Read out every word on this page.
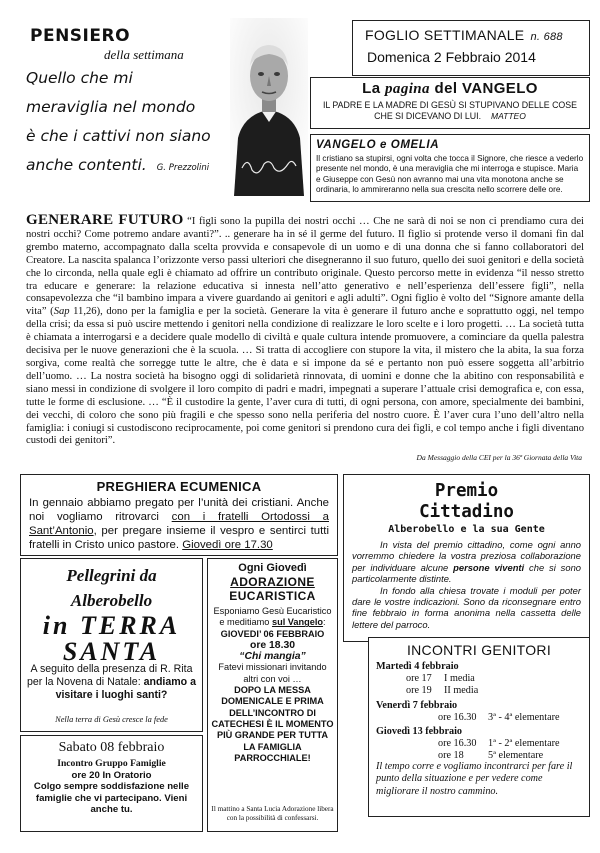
PENSIERO
della settimana
Quello che mi
meraviglia nel mondo
è che i cattivi non siano
anche contenti. G. Prezzolini
FOGLIO SETTIMANALE n. 688
Domenica 2 Febbraio 2014
La pagina del VANGELO
IL PADRE E LA MADRE DI GESÙ SI STUPIVANO DELLE COSE CHE SI DICEVANO DI LUI. MATTEO
VANGELO e OMELIA
Il cristiano sa stupirsi, ogni volta che tocca il Signore, che riesce a vederlo presente nel mondo, è una meraviglia che mi interroga e stupisce. Maria e Giuseppe con Gesù non avranno mai una vita monotona anche se ordinaria, lo ammireranno nella sua crescita nello scorrere delle ore.
GENERARE FUTURO “I figli sono la pupilla dei nostri occhi … Che ne sarà di noi se non ci prendiamo cura dei nostri occhi? Come potremo andare avanti?”. .. generare ha in sé il germe del futuro. Il figlio si protende verso il domani fin dal grembo materno, accompagnato dalla scelta provvida e consapevole di un uomo e di una donna che si fanno collaboratori del Creatore. La nascita spalanca l’orizzonte verso passi ulteriori che disegneranno il suo futuro, quello dei suoi genitori e della società che lo circonda, nella quale egli è chiamato ad offrire un contributo originale. Questo percorso mette in evidenza “il nesso stretto tra educare e generare: la relazione educativa si innesta nell’atto generativo e nell’esperienza dell’essere figli”, nella consapevolezza che “il bambino impara a vivere guardando ai genitori e agli adulti”. Ogni figlio è volto del “Signore amante della vita” (Sap 11,26), dono per la famiglia e per la società. Generare la vita è generare il futuro anche e soprattutto oggi, nel tempo della crisi; da essa si può uscire mettendo i genitori nella condizione di realizzare le loro scelte e i loro progetti. … La società tutta è chiamata a interrogarsi e a decidere quale modello di civiltà e quale cultura intende promuovere, a cominciare da quella palestra decisiva per le nuove generazioni che è la scuola. … Si tratta di accogliere con stupore la vita, il mistero che la abita, la sua forza sorgiva, come realtà che sorregge tutte le altre, che è data e si impone da sé e pertanto non può essere soggetta all’arbitrio dell’uomo. … La nostra società ha bisogno oggi di solidarietà rinnovata, di uomini e donne che la abitino con responsabilità e siano messi in condizione di svolgere il loro compito di padri e madri, impegnati a superare l’attuale crisi demografica e, con essa, tutte le forme di esclusione. … “È il custodire la gente, l’aver cura di tutti, di ogni persona, con amore, specialmente dei bambini, dei vecchi, di coloro che sono più fragili e che spesso sono nella periferia del nostro cuore. È l’aver cura l’uno dell’altro nella famiglia: i coniugi si custodiscono reciprocamente, poi come genitori si prendono cura dei figli, e col tempo anche i figli diventano custodi dei genitori”.
Da Messaggio della CEI per la 36ª Giornata della Vita
PREGHIERA ECUMENICA
In gennaio abbiamo pregato per l’unità dei cristiani. Anche noi vogliamo ritrovarci con i fratelli Ortodossi a Sant’Antonio, per pregare insieme il vespro e sentirci tutti fratelli in Cristo unico pastore. Giovedì ore 17.30
Premio
Cittadino
Alberobello e la sua Gente
In vista del premio cittadino, come ogni anno vorremmo chiedere la vostra preziosa collaborazione per individuare alcune persone viventi che si sono particolarmente distinte.
In fondo alla chiesa trovate i moduli per poter dare le vostre indicazioni. Sono da riconsegnare entro fine febbraio in forma anonima nella cassetta delle lettere del parroco.
Pellegrini da
Alberobello
in TERRA
SANTA
A seguito della presenza di R. Rita per la Novena di Natale: andiamo a visitare i luoghi santi?
Nella terra di Gesù cresce la fede
Ogni Giovedì
ADORAZIONE
EUCARISTICA
Esponiamo Gesù Eucaristico e meditiamo sul Vangelo:
GIOVEDI’ 06 FEBBRAIO
ore 18.30
“Chi mangia”
Fatevi missionari invitando altri con voi …
DOPO LA MESSA DOMENICALE E PRIMA DELL’INCONTRO DI CATECHESI È IL MOMENTO PIÙ GRANDE PER TUTTA LA FAMIGLIA PARROCCHIALE!
Il mattino a Santa Lucia Adorazione libera con la possibilità di confessarsi.
Sabato 08 febbraio
Incontro Gruppo Famiglie
ore 20 In Oratorio
Colgo sempre soddisfazione nelle famiglie che vi partecipano. Vieni anche tu.
INCONTRI GENITORI
Martedì 4 febbraio
ore 17 I media
ore 19 II media
Venerdì 7 febbraio
ore 16.30 3ª - 4ª elementare
Giovedì 13 febbraio
ore 16.30 1ª - 2ª elementare
ore 18 5ª elementare
Il tempo corre e vogliamo incontrarci per fare il punto della situazione e per vedere come migliorare il nostro cammino.
